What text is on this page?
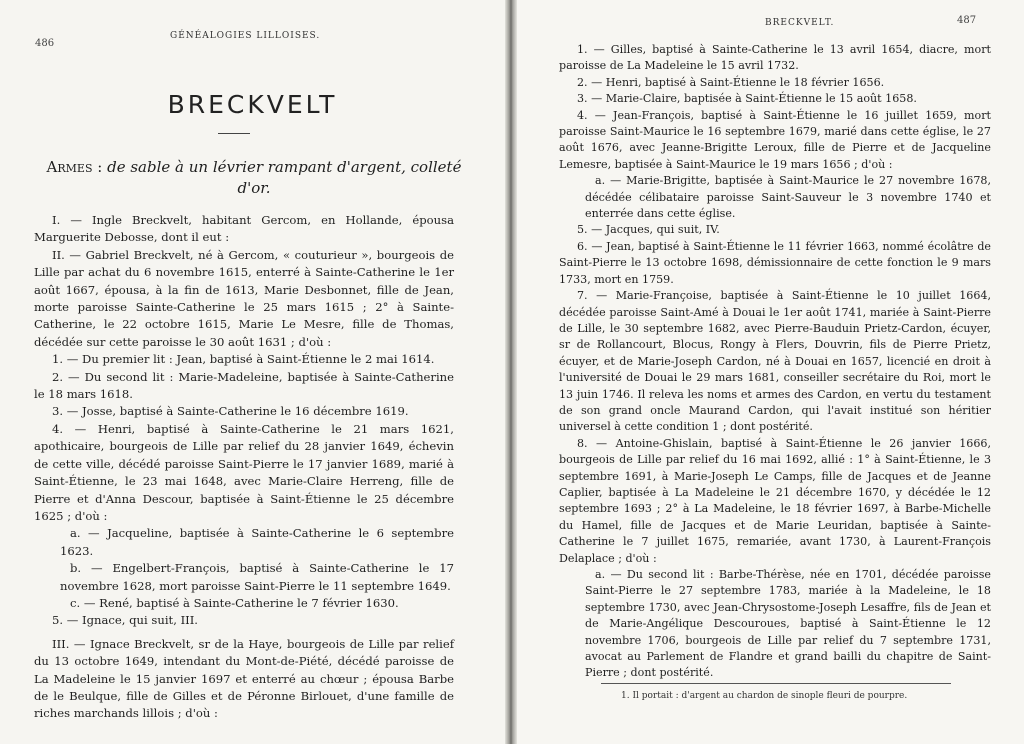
486
GÉNÉALOGIES LILLOISES.
BRECKVELT
Armes : de sable à un lévrier rampant d'argent, colleté d'or.

I. — Ingle Breckvelt, habitant Gercom, en Hollande, épousa Marguerite Debosse, dont il eut :

II. — Gabriel Breckvelt, né à Gercom, « couturieur », bourgeois de Lille par achat du 6 novembre 1615, enterré à Sainte-Catherine le 1er août 1667, épousa, à la fin de 1613, Marie Desbonnet, fille de Jean, morte paroisse Sainte-Catherine le 25 mars 1615 ; 2° à Sainte-Catherine, le 22 octobre 1615, Marie Le Mesre, fille de Thomas, décédée sur cette paroisse le 30 août 1631 ; d'où :

1. — Du premier lit : Jean, baptisé à Saint-Étienne le 2 mai 1614.

2. — Du second lit : Marie-Madeleine, baptisée à Sainte-Catherine le 18 mars 1618.

3. — Josse, baptisé à Sainte-Catherine le 16 décembre 1619.

4. — Henri, baptisé à Sainte-Catherine le 21 mars 1621, apothicaire, bourgeois de Lille par relief du 28 janvier 1649, échevin de cette ville, décédé paroisse Saint-Pierre le 17 janvier 1689, marié à Saint-Étienne, le 23 mai 1648, avec Marie-Claire Herreng, fille de Pierre et d'Anna Descour, baptisée à Saint-Étienne le 25 décembre 1625 ; d'où :

a. — Jacqueline, baptisée à Sainte-Catherine le 6 septembre 1623.

b. — Engelbert-François, baptisé à Sainte-Catherine le 17 novembre 1628, mort paroisse Saint-Pierre le 11 septembre 1649.

c. — René, baptisé à Sainte-Catherine le 7 février 1630.

5. — Ignace, qui suit, III.

III. — Ignace Breckvelt, sr de la Haye, bourgeois de Lille par relief du 13 octobre 1649, intendant du Mont-de-Piété, décédé paroisse de La Madeleine le 15 janvier 1697 et enterré au chœur ; épousa Barbe de le Beulque, fille de Gilles et de Péronne Birlouet, d'une famille de riches marchands lillois ; d'où :

BRECKVELT.	487

1. — Gilles, baptisé à Sainte-Catherine le 13 avril 1654, diacre, mort paroisse de La Madeleine le 15 avril 1732.

2. — Henri, baptisé à Saint-Étienne le 18 février 1656.

3. — Marie-Claire, baptisée à Saint-Étienne le 15 août 1658.

4. — Jean-François, baptisé à Saint-Étienne le 16 juillet 1659, mort paroisse Saint-Maurice le 16 septembre 1679, marié dans cette église, le 27 août 1676, avec Jeanne-Brigitte Leroux, fille de Pierre et de Jacqueline Lemesre, baptisée à Saint-Maurice le 19 mars 1656 ; d'où :

a. — Marie-Brigitte, baptisée à Saint-Maurice le 27 novembre 1678, décédée célibataire paroisse Saint-Sauveur le 3 novembre 1740 et enterrée dans cette église.

5. — Jacques, qui suit, IV.

6. — Jean, baptisé à Saint-Étienne le 11 février 1663, nommé écolâtre de Saint-Pierre le 13 octobre 1698, démissionnaire de cette fonction le 9 mars 1733, mort en 1759.

7. — Marie-Françoise, baptisée à Saint-Étienne le 10 juillet 1664, décédée paroisse Saint-Amé à Douai le 1er août 1741, mariée à Saint-Pierre de Lille, le 30 septembre 1682, avec Pierre-Bauduin Prietz-Cardon, écuyer, sr de Rollancourt, Blocus, Rongy à Flers, Douvrin, fils de Pierre Prietz, écuyer, et de Marie-Joseph Cardon, né à Douai en 1657, licencié en droit à l'université de Douai le 29 mars 1681, conseiller secrétaire du Roi, mort le 13 juin 1746. Il releva les noms et armes des Cardon, en vertu du testament de son grand oncle Maurand Cardon, qui l'avait institué son héritier universel à cette condition 1 ; dont postérité.

8. — Antoine-Ghislain, baptisé à Saint-Étienne le 26 janvier 1666, bourgeois de Lille par relief du 16 mai 1692, allié : 1° à Saint-Étienne, le 3 septembre 1691, à Marie-Joseph Le Camps, fille de Jacques et de Jeanne Caplier, baptisée à La Madeleine le 21 décembre 1670, y décédée le 12 septembre 1693 ; 2° à La Madeleine, le 18 février 1697, à Barbe-Michelle du Hamel, fille de Jacques et de Marie Leuridan, baptisée à Sainte-Catherine le 7 juillet 1675, remariée, avant 1730, à Laurent-François Delaplace ; d'où :

a. — Du second lit : Barbe-Thérèse, née en 1701, décédée paroisse Saint-Pierre le 27 septembre 1783, mariée à la Madeleine, le 18 septembre 1730, avec Jean-Chrysostome-Joseph Lesaffre, fils de Jean et de Marie-Angélique Descouroues, baptisé à Saint-Étienne le 12 novembre 1706, bourgeois de Lille par relief du 7 septembre 1731, avocat au Parlement de Flandre et grand bailli du chapitre de Saint-Pierre ; dont postérité.

1. Il portait : d'argent au chardon de sinople fleuri de pourpre.
